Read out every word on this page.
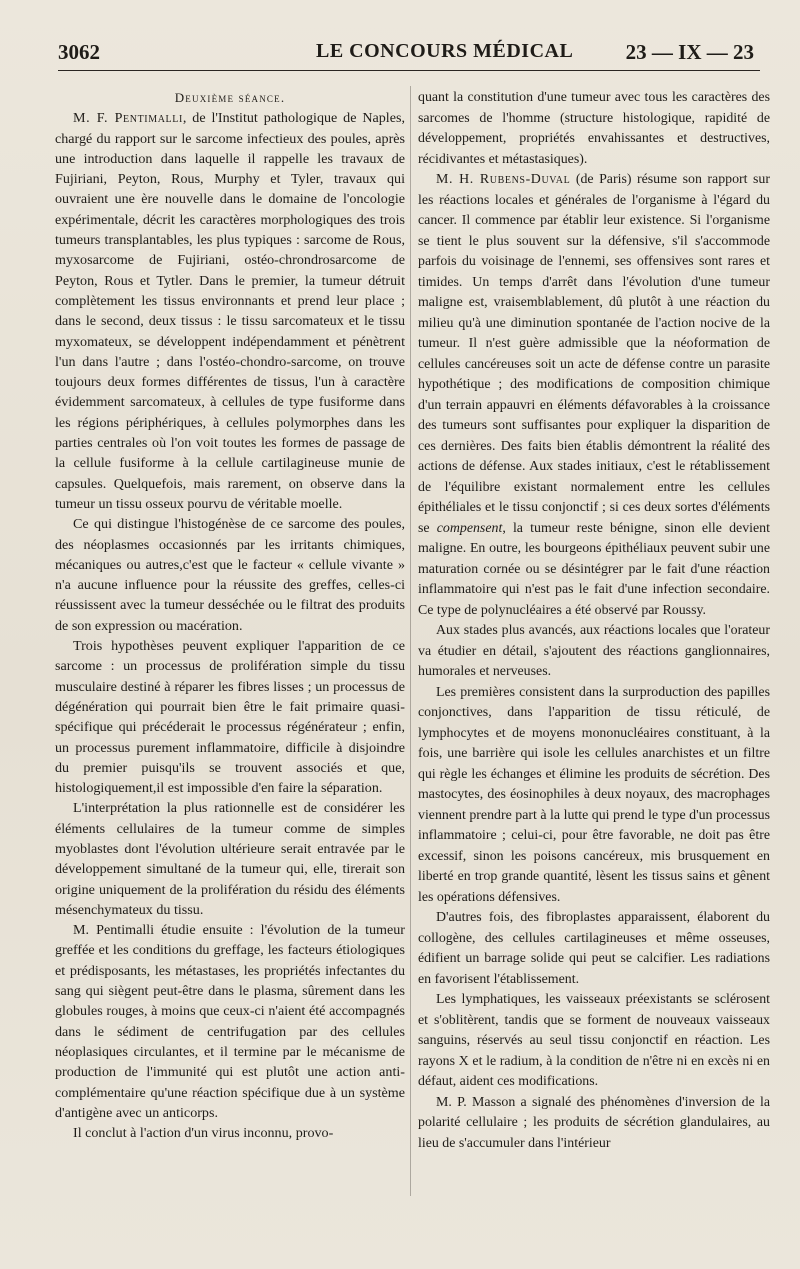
3062	LE CONCOURS MÉDICAL 23 — IX — 23

Deuxième séance.

M. F. Pentimalli, de l'Institut pathologique de Naples, chargé du rapport sur le sarcome infectieux des poules, après une introduction dans laquelle il rappelle les travaux de Fujiriani, Peyton, Rous, Murphy et Tyler, travaux qui ouvraient une ère nouvelle dans le domaine de l'oncologie expérimentale, décrit les caractères morphologiques des trois tumeurs transplantables, les plus typiques : sarcome de Rous, myxosarcome de Fujiriani, ostéo-chrondrosarcome de Peyton, Rous et Tytler. Dans le premier, la tumeur détruit complètement les tissus environnants et prend leur place ; dans le second, deux tissus : le tissu sarcomateux et le tissu myxomateux, se développent indépendamment et pénètrent l'un dans l'autre ; dans l'ostéo-chondro-sarcome, on trouve toujours deux formes différentes de tissus, l'un à caractère évidemment sarcomateux, à cellules de type fusiforme dans les régions périphériques, à cellules polymorphes dans les parties centrales où l'on voit toutes les formes de passage de la cellule fusiforme à la cellule cartilagineuse munie de capsules. Quelquefois, mais rarement, on observe dans la tumeur un tissu osseux pourvu de véritable moelle.

Ce qui distingue l'histogénèse de ce sarcome des poules, des néoplasmes occasionnés par les irritants chimiques, mécaniques ou autres,c'est que le facteur « cellule vivante » n'a aucune influence pour la réussite des greffes, celles-ci réussissent avec la tumeur desséchée ou le filtrat des produits de son expression ou macération.

Trois hypothèses peuvent expliquer l'apparition de ce sarcome : un processus de prolifération simple du tissu musculaire destiné à réparer les fibres lisses ; un processus de dégénération qui pourrait bien être le fait primaire quasi-spécifique qui précéderait le processus régénérateur ; enfin, un processus purement inflammatoire, difficile à disjoindre du premier puisqu'ils se trouvent associés et que, histologiquement,il est impossible d'en faire la séparation.

L'interprétation la plus rationnelle est de considérer les éléments cellulaires de la tumeur comme de simples myoblastes dont l'évolution ultérieure serait entravée par le développement simultané de la tumeur qui, elle, tirerait son origine uniquement de la prolifération du résidu des éléments mésenchymateux du tissu.

M. Pentimalli étudie ensuite : l'évolution de la tumeur greffée et les conditions du greffage, les facteurs étiologiques et prédisposants, les métastases, les propriétés infectantes du sang qui siègent peut-être dans le plasma, sûrement dans les globules rouges, à moins que ceux-ci n'aient été accompagnés dans le sédiment de centrifugation par des cellules néoplasiques circulantes, et il termine par le mécanisme de production de l'immunité qui est plutôt une action anti-complémentaire qu'une réaction spécifique due à un système d'antigène avec un anticorps.

Il conclut à l'action d'un virus inconnu, provo-

quant la constitution d'une tumeur avec tous les caractères des sarcomes de l'homme (structure histologique, rapidité de développement, propriétés envahissantes et destructives, récidivantes et métastasiques).

M. H. Rubens-Duval (de Paris) résume son rapport sur les réactions locales et générales de l'organisme à l'égard du cancer. Il commence par établir leur existence. Si l'organisme se tient le plus souvent sur la défensive, s'il s'accommode parfois du voisinage de l'ennemi, ses offensives sont rares et timides. Un temps d'arrêt dans l'évolution d'une tumeur maligne est, vraisemblablement, dû plutôt à une réaction du milieu qu'à une diminution spontanée de l'action nocive de la tumeur. Il n'est guère admissible que la néoformation de cellules cancéreuses soit un acte de défense contre un parasite hypothétique ; des modifications de composition chimique d'un terrain appauvri en éléments défavorables à la croissance des tumeurs sont suffisantes pour expliquer la disparition de ces dernières. Des faits bien établis démontrent la réalité des actions de défense. Aux stades initiaux, c'est le rétablissement de l'équilibre existant normalement entre les cellules épithéliales et le tissu conjonctif ; si ces deux sortes d'éléments se compensent, la tumeur reste bénigne, sinon elle devient maligne. En outre, les bourgeons épithéliaux peuvent subir une maturation cornée ou se désintégrer par le fait d'une réaction inflammatoire qui n'est pas le fait d'une infection secondaire. Ce type de polynucléaires a été observé par Roussy.

Aux stades plus avancés, aux réactions locales que l'orateur va étudier en détail, s'ajoutent des réactions ganglionnaires, humorales et nerveuses.

Les premières consistent dans la surproduction des papilles conjonctives, dans l'apparition de tissu réticulé, de lymphocytes et de moyens mononucléaires constituant, à la fois, une barrière qui isole les cellules anarchistes et un filtre qui règle les échanges et élimine les produits de sécrétion. Des mastocytes, des éosinophiles à deux noyaux, des macrophages viennent prendre part à la lutte qui prend le type d'un processus inflammatoire ; celui-ci, pour être favorable, ne doit pas être excessif, sinon les poisons cancéreux, mis brusquement en liberté en trop grande quantité, lèsent les tissus sains et gênent les opérations défensives.

D'autres fois, des fibroplastes apparaissent, élaborent du collogène, des cellules cartilagineuses et même osseuses, édifient un barrage solide qui peut se calcifier. Les radiations en favorisent l'établissement.

Les lymphatiques, les vaisseaux préexistants se sclérosent et s'oblitèrent, tandis que se forment de nouveaux vaisseaux sanguins, réservés au seul tissu conjonctif en réaction. Les rayons X et le radium, à la condition de n'être ni en excès ni en défaut, aident ces modifications.

M. P. Masson a signalé des phénomènes d'inversion de la polarité cellulaire ; les produits de sécrétion glandulaires, au lieu de s'accumuler dans l'intérieur
